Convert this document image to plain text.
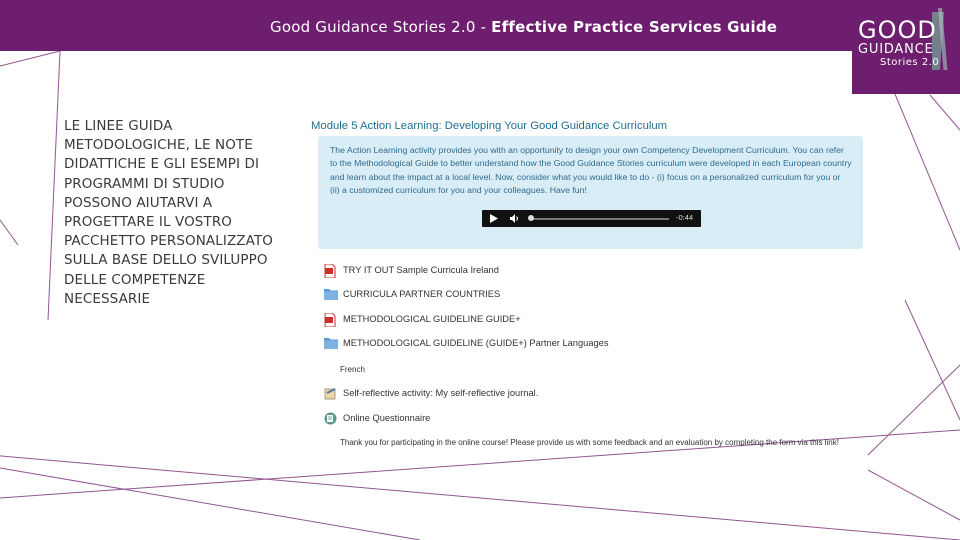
Good Guidance Stories 2.0 - Effective Practice Services Guide	GOOD
GUIDANCE
Stories 2.0
LE LINEE GUIDA METODOLOGICHE, LE NOTE DIDATTICHE E GLI ESEMPI DI PROGRAMMI DI STUDIO POSSONO AIUTARVI A PROGETTARE IL VOSTRO PACCHETTO PERSONALIZZATO SULLA BASE DELLO SVILUPPO DELLE COMPETENZE NECESSARIE
Module 5 Action Learning: Developing Your Good Guidance Curriculum
The Action Learning activity provides you with an opportunity to design your own Competency Development Curriculum. You can refer to the Methodological Guide to better understand how the Good Guidance Stories curriculum were developed in each European country and learn about the impact at a local level. Now, consider what you would like to do - (i) focus on a personalized curriculum for you or (ii) a customized curriculum for you and your colleagues. Have fun!
-0:44
TRY IT OUT Sample Curricula Ireland
CURRICULA PARTNER COUNTRIES
METHODOLOGICAL GUIDELINE GUIDE+
METHODOLOGICAL GUIDELINE (GUIDE+) Partner Languages
French
Self-reflective activity: My self-reflective journal.
Online Questionnaire
Thank you for participating in the online course! Please provide us with some feedback and an evaluation by completing the form via this link!
